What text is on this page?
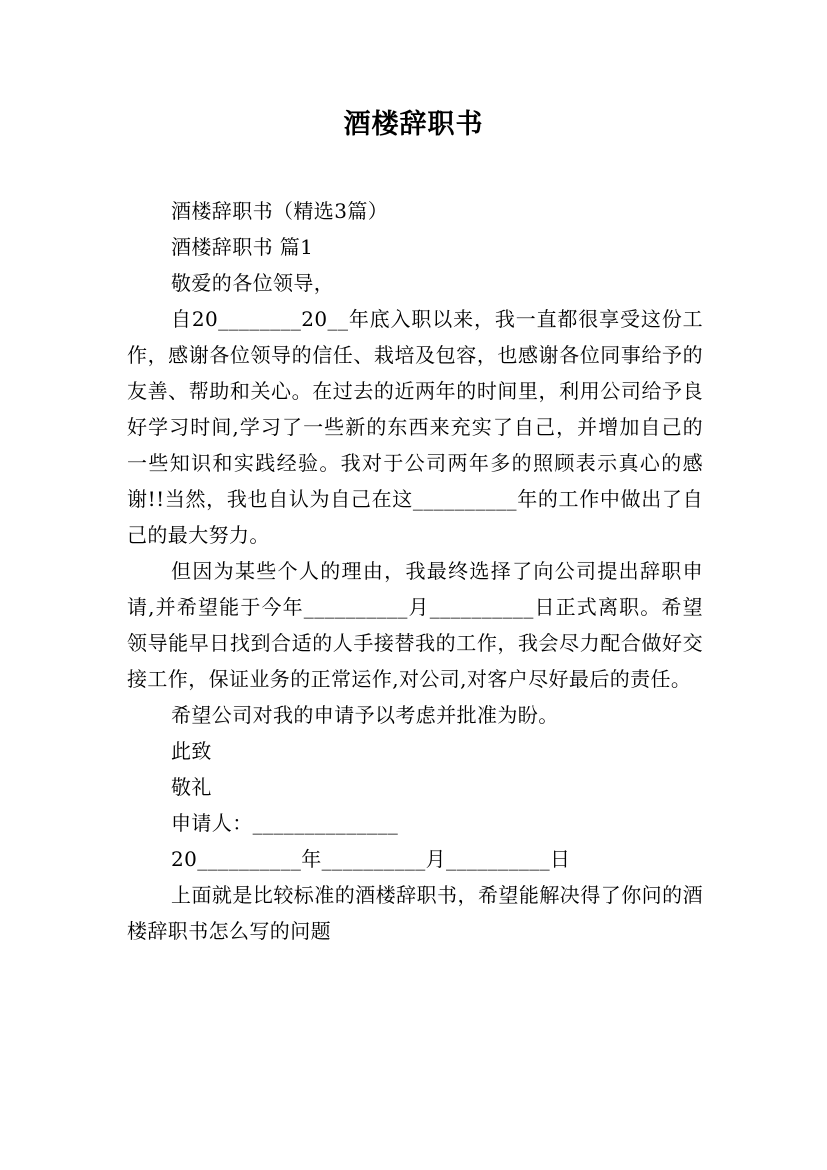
酒楼辞职书
酒楼辞职书（精选3篇）
酒楼辞职书 篇1
敬爱的各位领导，

自20________20__年底入职以来，我一直都很享受这份工作，感谢各位领导的信任、栽培及包容，也感谢各位同事给予的友善、帮助和关心。在过去的近两年的时间里，利用公司给予良好学习时间,学习了一些新的东西来充实了自己，并增加自己的一些知识和实践经验。我对于公司两年多的照顾表示真心的感谢!!当然，我也自认为自己在这__________年的工作中做出了自己的最大努力。

但因为某些个人的理由，我最终选择了向公司提出辞职申请,并希望能于今年__________月__________日正式离职。希望领导能早日找到合适的人手接替我的工作，我会尽力配合做好交接工作，保证业务的正常运作,对公司,对客户尽好最后的责任。

希望公司对我的申请予以考虑并批准为盼。

此致
敬礼
申请人：______________
20__________年__________月__________日

上面就是比较标准的酒楼辞职书，希望能解决得了你问的酒楼辞职书怎么写的问题
